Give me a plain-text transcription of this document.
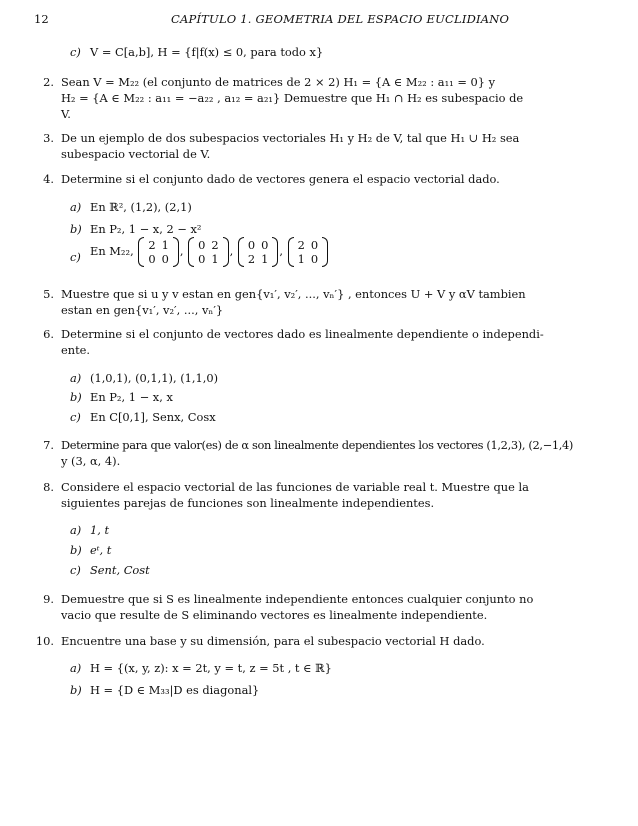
12	CAPÍTULO 1. GEOMETRIA DEL ESPACIO EUCLIDIANO
c) V = C[a,b], H = {f|f(x) ≤ 0, para todo x}
2. Sean V = M₂₂ (el conjunto de matrices de 2 × 2) H₁ = {A ∈ M₂₂ : a₁₁ = 0} y
H₂ = {A ∈ M₂₂ : a₁₁ = −a₂₂ , a₁₂ = a₂₁} Demuestre que H₁ ∩ H₂ es subespacio de
V.
3. De un ejemplo de dos subespacios vectoriales H₁ y H₂ de V, tal que H₁ ∪ H₂ sea
subespacio vectorial de V.
4. Determine si el conjunto dado de vectores genera el espacio vectorial dado.
a) En ℝ², (1,2), (2,1)
b) En P₂, 1 − x, 2 − x²
c) En M₂₂, 2	1
0	0
, 0	2
0	1
, 0	0
2	1
, 2	0
1	0
5. Muestre que si u y v estan en gen{v₁′, v₂′, ..., vₙ′} , entonces U + V y αV tambien
estan en gen{v₁′, v₂′, ..., vₙ′}
6. Determine si el conjunto de vectores dado es linealmente dependiente o independi-
ente.
a) (1,0,1), (0,1,1), (1,1,0)
b) En P₂, 1 − x, x
c) En C[0,1], Senx, Cosx
7. Determine para que valor(es) de α son linealmente dependientes los vectores (1,2,3), (2,−1,4)
y (3, α, 4).
8. Considere el espacio vectorial de las funciones de variable real t. Muestre que la
siguientes parejas de funciones son linealmente independientes.
a) 1, t
b) eᵗ, t
c) Sent, Cost
9. Demuestre que si S es linealmente independiente entonces cualquier conjunto no
vacio que resulte de S eliminando vectores es linealmente independiente.
10. Encuentre una base y su dimensión, para el subespacio vectorial H dado.
a) H = {(x, y, z): x = 2t, y = t, z = 5t , t ∈ ℝ}
b) H = {D ∈ M₃₃|D es diagonal}
